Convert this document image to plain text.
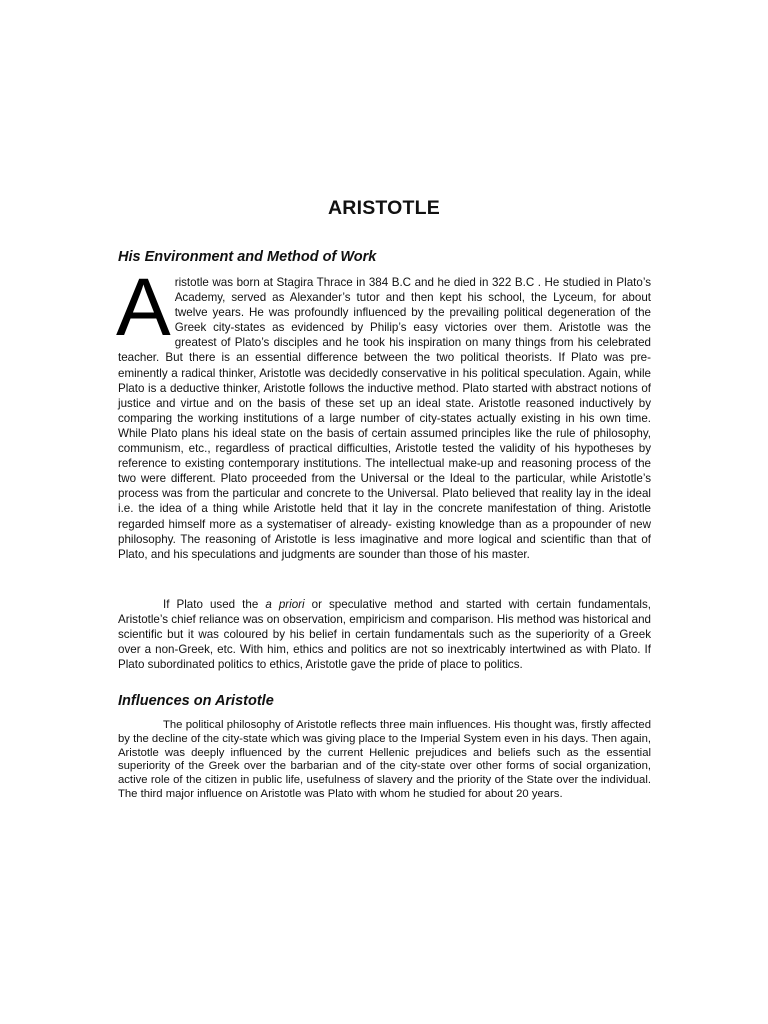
ARISTOTLE
His Environment and Method of Work

Aristotle was born at Stagira Thrace in 384 B.C and he died in 322 B.C . He studied in Plato’s Academy, served as Alexander’s tutor and then kept his school, the Lyceum, for about twelve years. He was profoundly influenced by the prevailing political degeneration of the Greek city-states as evidenced by Philip’s easy victories over them. Aristotle was the greatest of Plato’s disciples and he took his inspiration on many things from his celebrated teacher. But there is an essential difference between the two political theorists. If Plato was pre-eminently a radical thinker, Aristotle was decidedly conservative in his political speculation. Again, while Plato is a deductive thinker, Aristotle follows the inductive method. Plato started with abstract notions of justice and virtue and on the basis of these set up an ideal state. Aristotle reasoned inductively by comparing the working institutions of a large number of city-states actually existing in his own time. While Plato plans his ideal state on the basis of certain assumed principles like the rule of philosophy, communism, etc., regardless of practical difficulties, Aristotle tested the validity of his hypotheses by reference to existing contemporary institutions. The intellectual make-up and reasoning process of the two were different. Plato proceeded from the Universal or the Ideal to the particular, while Aristotle’s process was from the particular and concrete to the Universal. Plato believed that reality lay in the ideal i.e. the idea of a thing while Aristotle held that it lay in the concrete manifestation of thing. Aristotle regarded himself more as a systematiser of already- existing knowledge than as a propounder of new philosophy. The reasoning of Aristotle is less imaginative and more logical and scientific than that of Plato, and his speculations and judgments are sounder than those of his master.

If Plato used the a priori or speculative method and started with certain fundamentals, Aristotle’s chief reliance was on observation, empiricism and comparison. His method was historical and scientific but it was coloured by his belief in certain fundamentals such as the superiority of a Greek over a non-Greek, etc. With him, ethics and politics are not so inextricably intertwined as with Plato. If Plato subordinated politics to ethics, Aristotle gave the pride of place to politics.

Influences on Aristotle

The political philosophy of Aristotle reflects three main influences. His thought was, firstly affected by the decline of the city-state which was giving place to the Imperial System even in his days. Then again, Aristotle was deeply influenced by the current Hellenic prejudices and beliefs such as the essential superiority of the Greek over the barbarian and of the city-state over other forms of social organization, active role of the citizen in public life, usefulness of slavery and the priority of the State over the individual. The third major influence on Aristotle was Plato with whom he studied for about 20 years.
